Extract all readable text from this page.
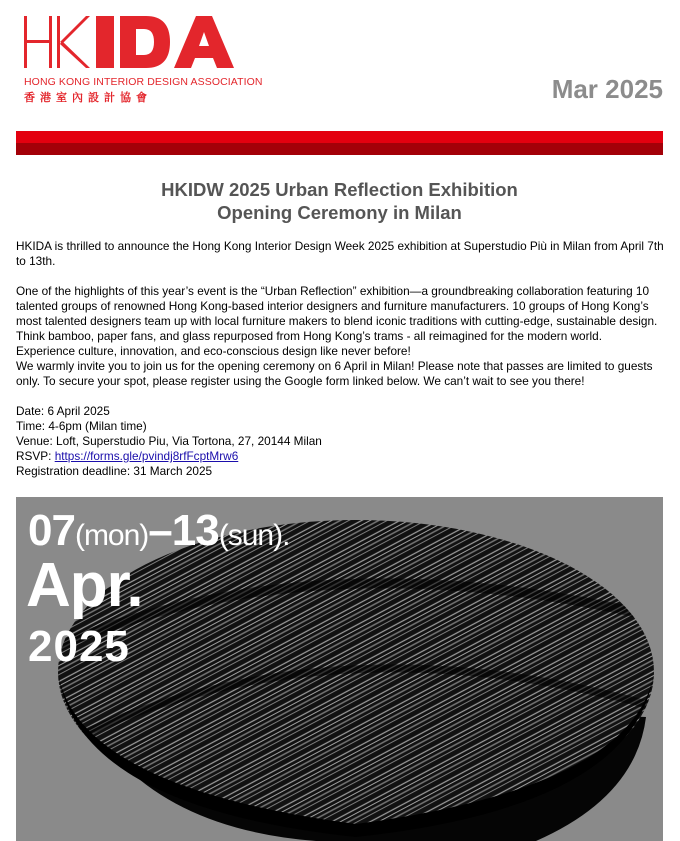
HONG KONG INTERIOR DESIGN ASSOCIATION
香港室內設計協會	Mar 2025
HKIDW 2025 Urban Reflection Exhibition
Opening Ceremony in Milan

HKIDA is thrilled to announce the Hong Kong Interior Design Week 2025 exhibition at Superstudio Più in Milan from April 7th to 13th.

One of the highlights of this year’s event is the “Urban Reflection” exhibition—a groundbreaking collaboration featuring 10 talented groups of renowned Hong Kong-based interior designers and furniture manufacturers. 10 groups of Hong Kong’s most talented designers team up with local furniture makers to blend iconic traditions with cutting-edge, sustainable design. Think bamboo, paper fans, and glass repurposed from Hong Kong’s trams - all reimagined for the modern world. Experience culture, innovation, and eco-conscious design like never before!

We warmly invite you to join us for the opening ceremony on 6 April in Milan! Please note that passes are limited to guests only. To secure your spot, please register using the Google form linked below. We can’t wait to see you there!

Date: 6 April 2025

Time: 4-6pm (Milan time)

Venue: Loft, Superstudio Piu, Via Tortona, 27, 20144 Milan

RSVP: https://forms.gle/pvindj8rfFcptMrw6

Registration deadline: 31 March 2025

07(mon)–13(sun).
Apr.
2025
